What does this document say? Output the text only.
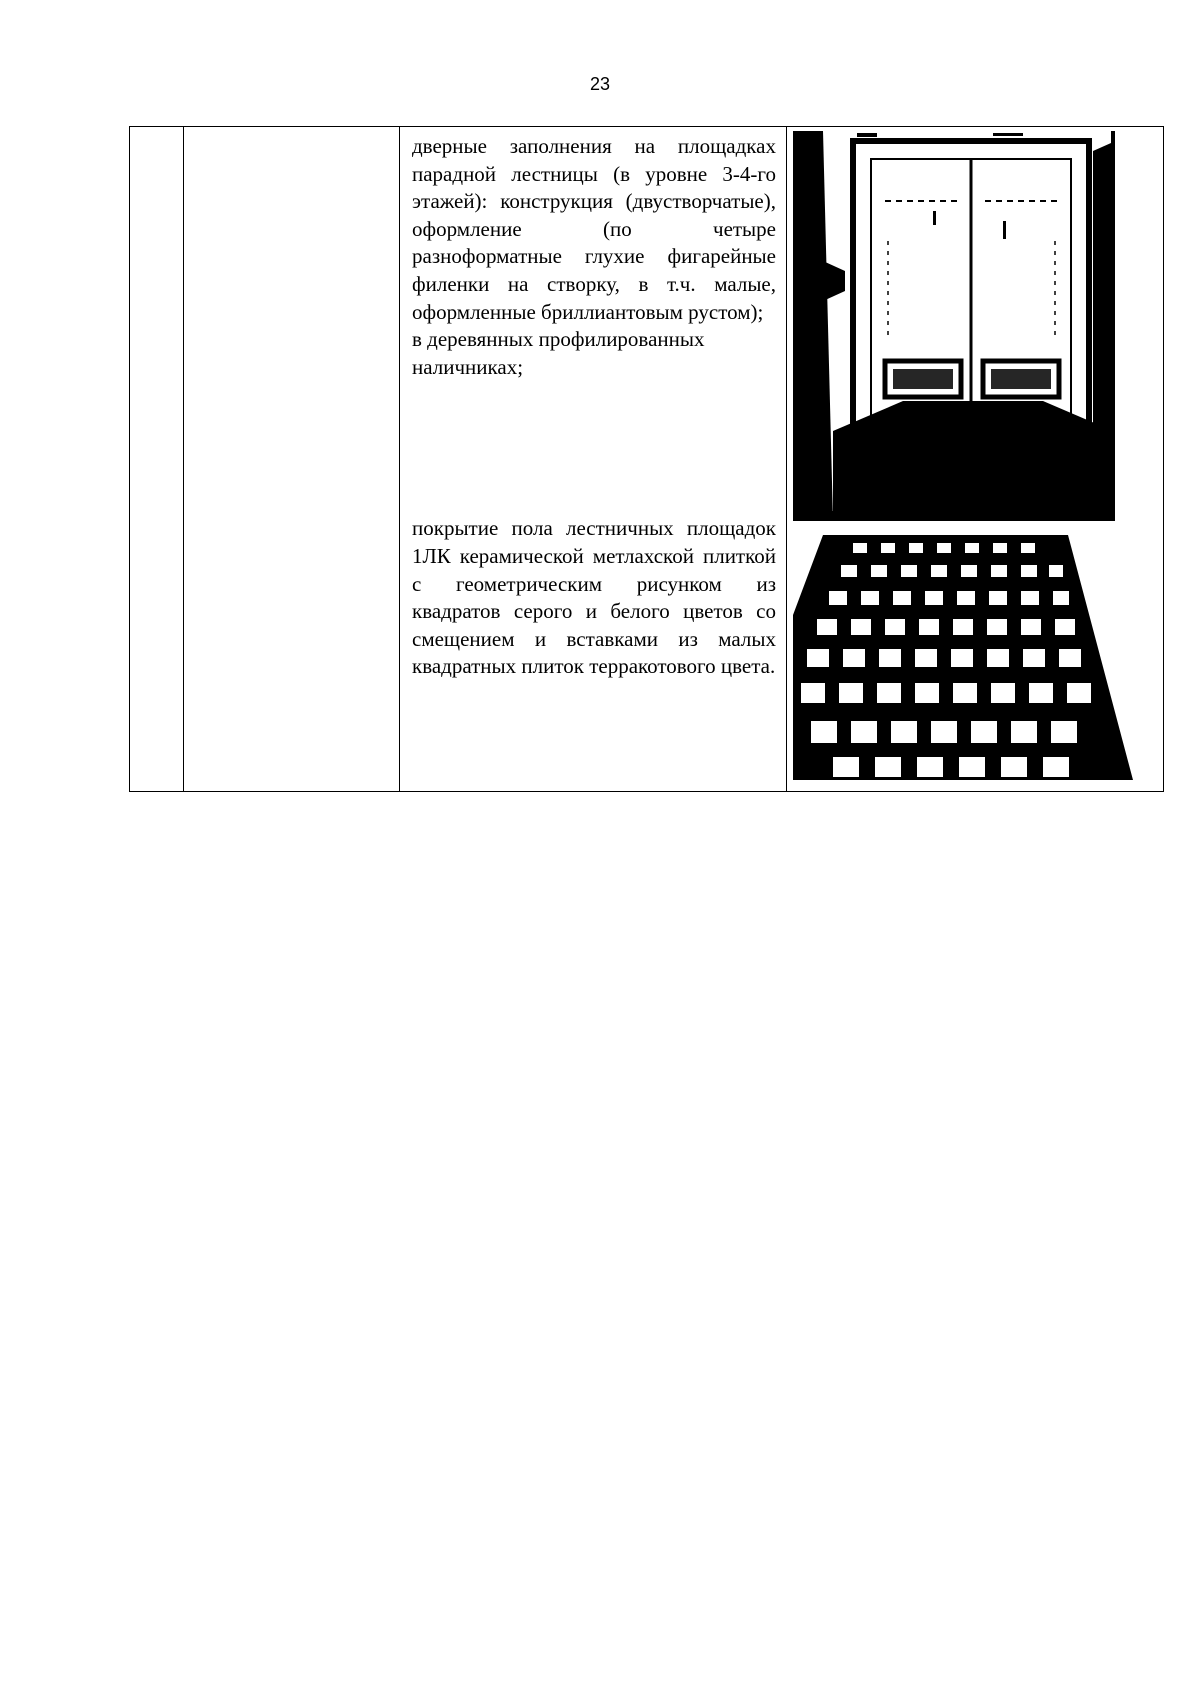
23

дверные заполнения на площадках парадной лестницы (в уровне 3-4-го этажей): конструкция (двустворчатые), оформление (по четыре разноформатные глухие фигарейные филенки на створку, в т.ч. малые, оформленные бриллиантовым рустом);

в деревянных профилированных наличниках;

покрытие пола лестничных площадок 1ЛК керамической метлахской плиткой с геометрическим рисунком из квадратов серого и белого цветов со смещением и вставками из малых квадратных плиток терракотового цвета.
